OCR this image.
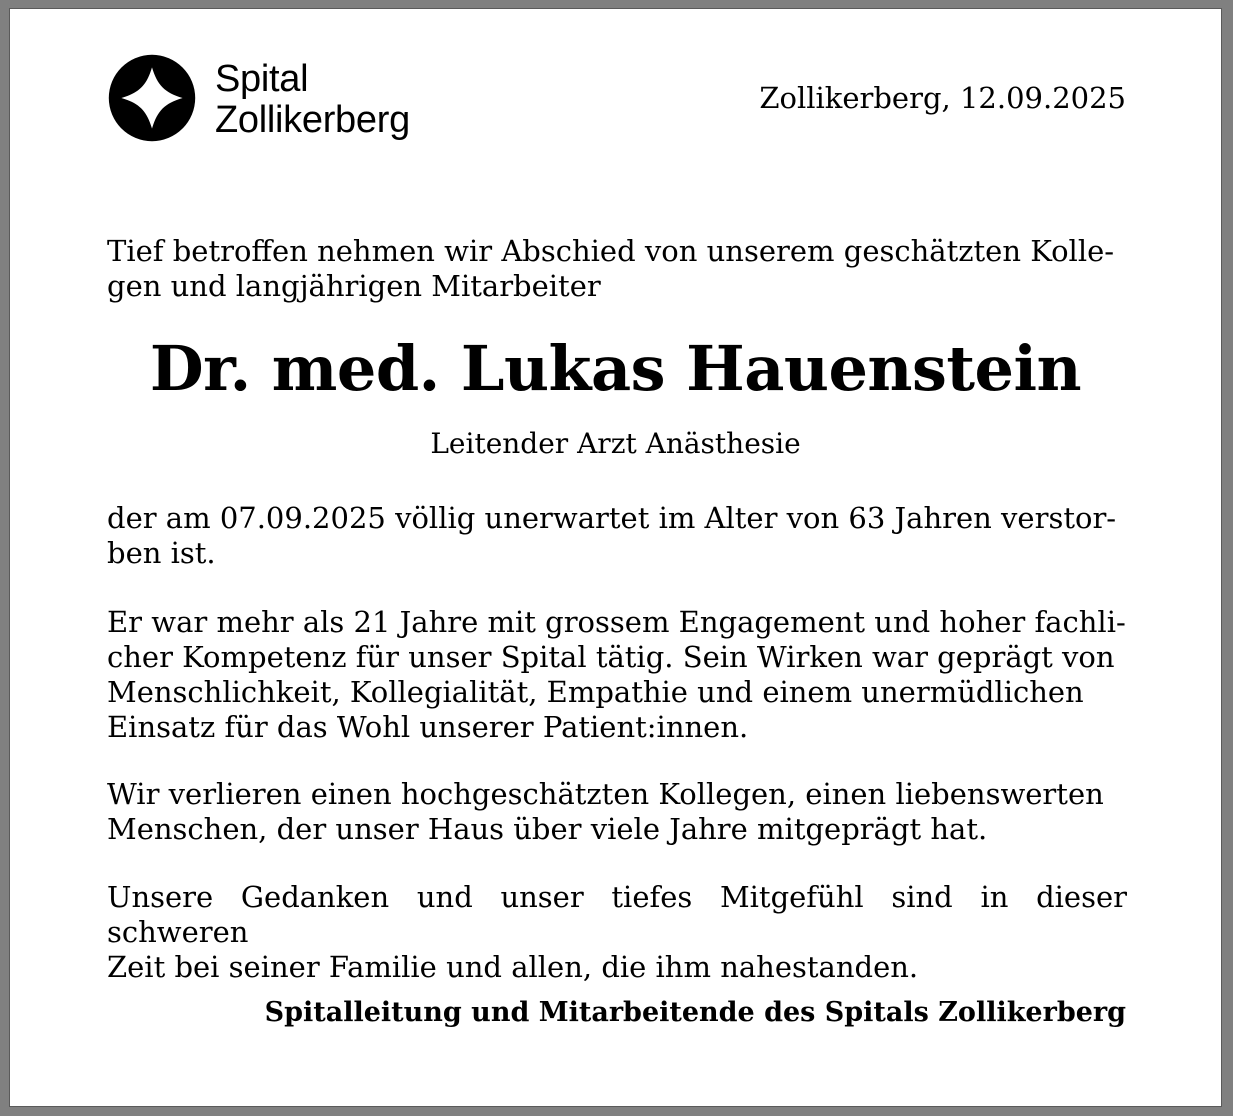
Spital
Zollikerberg
Zollikerberg, 12.09.2025

Tief betroffen nehmen wir Abschied von unserem geschätzten Kolle-
gen und langjährigen Mitarbeiter

Dr. med. Lukas Hauenstein
Leitender Arzt Anästhesie

der am 07.09.2025 völlig unerwartet im Alter von 63 Jahren verstor-
ben ist.

Er war mehr als 21 Jahre mit grossem Engagement und hoher fachli-
cher Kompetenz für unser Spital tätig. Sein Wirken war geprägt von
Menschlichkeit, Kollegialität, Empathie und einem unermüdlichen
Einsatz für das Wohl unserer Patient:innen.

Wir verlieren einen hochgeschätzten Kollegen, einen liebenswerten
Menschen, der unser Haus über viele Jahre mitgeprägt hat.

Unsere Gedanken und unser tiefes Mitgefühl sind in dieser schweren
Zeit bei seiner Familie und allen, die ihm nahestanden.

Spitalleitung und Mitarbeitende des Spitals Zollikerberg
